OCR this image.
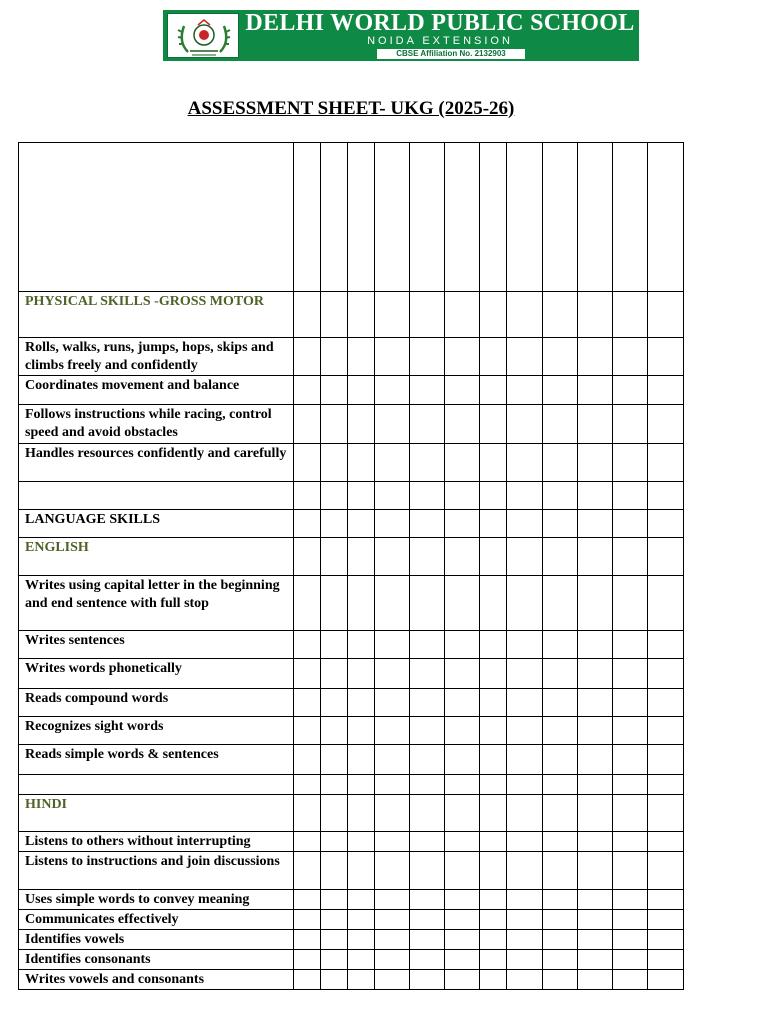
DELHI WORLD PUBLIC SCHOOL
NOIDA EXTENSION
CBSE Affiliation No. 2132903
ASSESSMENT SHEET- UKG (2025-26)

PHYSICAL SKILLS -GROSS MOTOR												
Rolls, walks, runs, jumps, hops, skips and climbs freely and confidently												
Coordinates movement and balance												
Follows instructions while racing, control speed and avoid obstacles												
Handles resources confidently and carefully												

LANGUAGE SKILLS												
ENGLISH												
Writes using capital letter in the beginning and end sentence with full stop												
Writes sentences												
Writes words phonetically												
Reads compound words												
Recognizes sight words												
Reads simple words & sentences												

HINDI												
Listens to others without interrupting												
Listens to instructions and join discussions												
Uses simple words to convey meaning												
Communicates effectively												
Identifies vowels												
Identifies consonants												
Writes vowels and consonants												
